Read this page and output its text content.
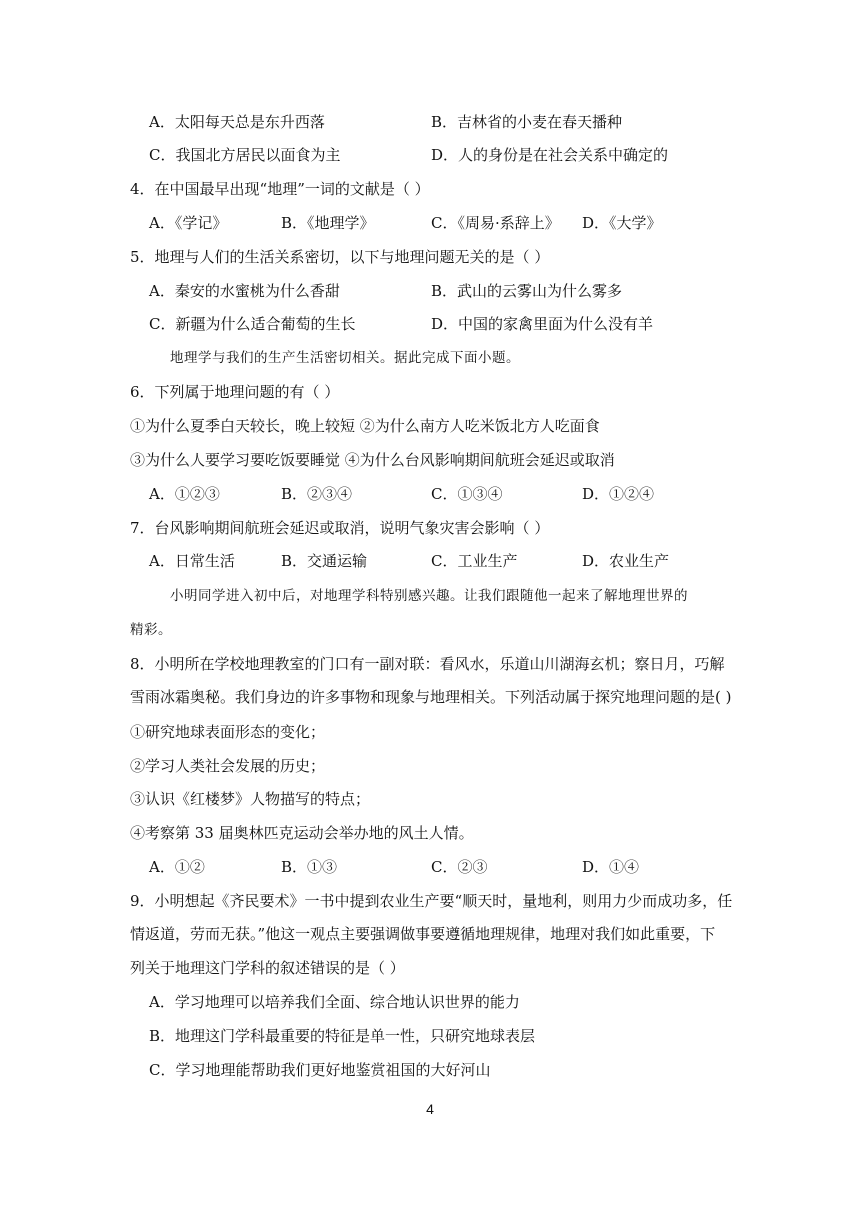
A．太阳每天总是东升西落	B．吉林省的小麦在春天播种
C．我国北方居民以面食为主	D．人的身份是在社会关系中确定的
4．在中国最早出现“地理”一词的文献是（ ）
A．《学记》	B．《地理学》	C．《周易·系辞上》 D．《大学》
5．地理与人们的生活关系密切，以下与地理问题无关的是（ ）
A．秦安的水蜜桃为什么香甜	B．武山的云雾山为什么雾多
C．新疆为什么适合葡萄的生长	D．中国的家禽里面为什么没有羊
地理学与我们的生产生活密切相关。据此完成下面小题。
6．下列属于地理问题的有（ ）
①为什么夏季白天较长，晚上较短 ②为什么南方人吃米饭北方人吃面食
③为什么人要学习要吃饭要睡觉 ④为什么台风影响期间航班会延迟或取消
A．①②③	B．②③④	C．①③④	D．①②④
7．台风影响期间航班会延迟或取消，说明气象灾害会影响（ ）
A．日常生活	B．交通运输	C．工业生产	D．农业生产
小明同学进入初中后，对地理学科特别感兴趣。让我们跟随他一起来了解地理世界的
精彩。
8．小明所在学校地理教室的门口有一副对联：看风水，乐道山川湖海玄机；察日月，巧解
雪雨冰霜奥秘。我们身边的许多事物和现象与地理相关。下列活动属于探究地理问题的是( )
①研究地球表面形态的变化；
②学习人类社会发展的历史；
③认识《红楼梦》人物描写的特点；
④考察第 33 届奥林匹克运动会举办地的风土人情。
A．①②	B．①③	C．②③	D．①④
9．小明想起《齐民要术》一书中提到农业生产要“顺天时，量地利，则用力少而成功多，任
情返道，劳而无获。”他这一观点主要强调做事要遵循地理规律，地理对我们如此重要，下
列关于地理这门学科的叙述错误的是（ ）
A．学习地理可以培养我们全面、综合地认识世界的能力
B．地理这门学科最重要的特征是单一性，只研究地球表层
C．学习地理能帮助我们更好地鉴赏祖国的大好河山
4
